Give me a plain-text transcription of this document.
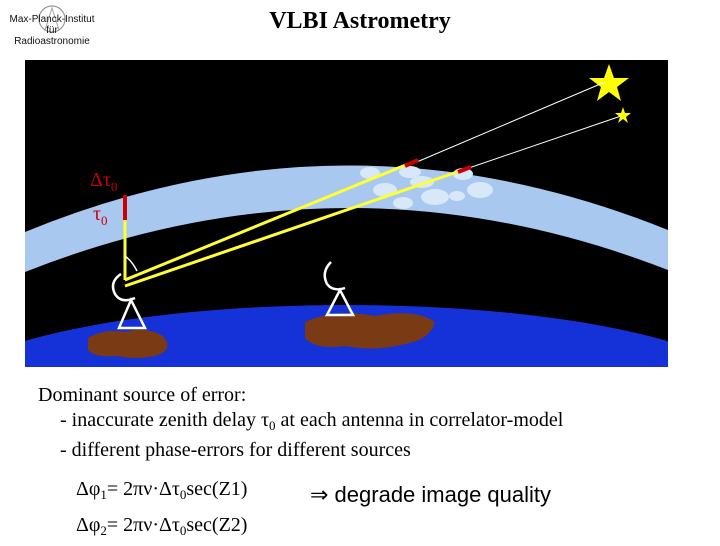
Max-Planck-Institut
für
Radioastronomie
VLBI Astrometry
$\tau_0\sec(Z_1)$
$\Delta\tau_0$
$\tau_0$
$\tau_0\sec(Z_2)$
Z
Dominant source of error:
- inaccurate zenith delay $\tau_0$ at each antenna in correlator-model
- different phase-errors for different sources
$\Delta\varphi_1= 2\pi\nu\cdot\Delta\tau_0\sec(Z1)$
$\Delta\varphi_2= 2\pi\nu\cdot\Delta\tau_0\sec(Z2)$
⇒ degrade image quality
